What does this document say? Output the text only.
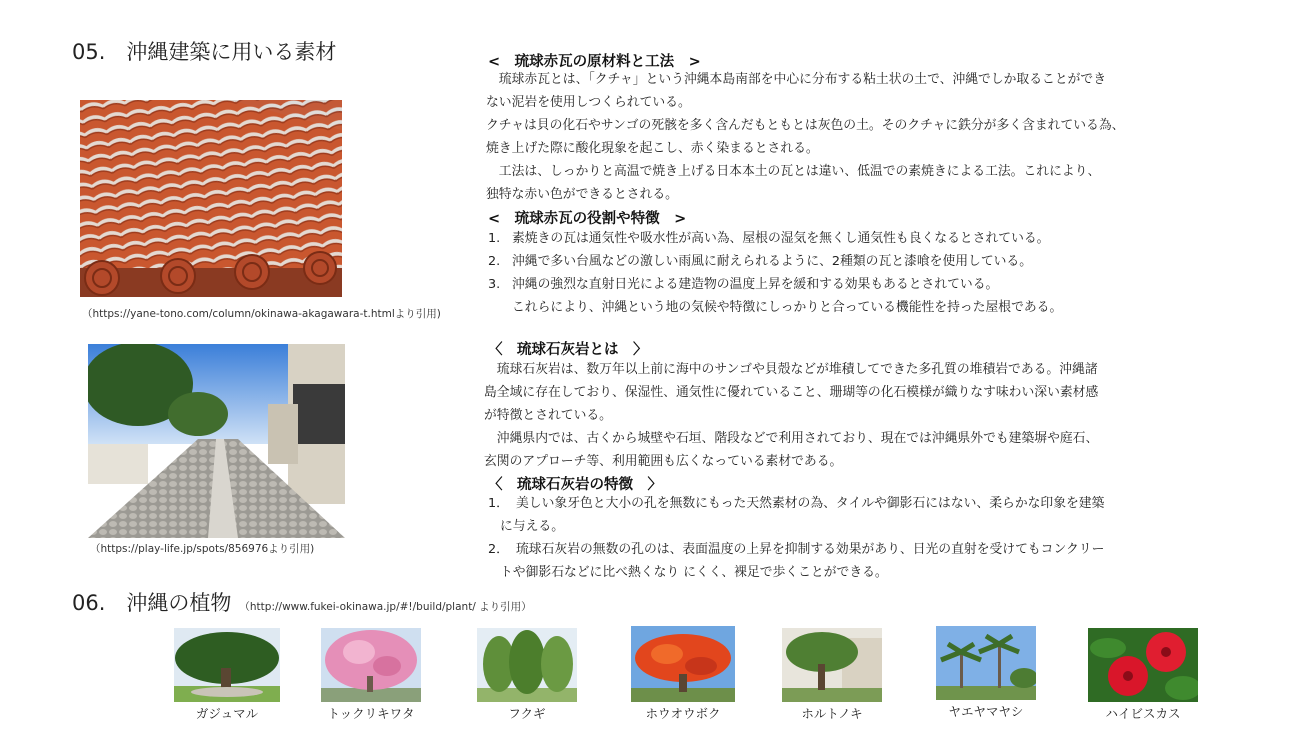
05.　沖縄建築に用いる素材
（https://yane-tono.com/column/okinawa-akagawara-t.htmlより引用)
（https://play-life.jp/spots/856976より引用)
<　琉球赤瓦の原材料と工法　>
　琉球赤瓦とは、「クチャ」という沖縄本島南部を中心に分布する粘土状の土で、沖縄でしか取ることができ
ない泥岩を使用しつくられている。
クチャは貝の化石やサンゴの死骸を多く含んだもともとは灰色の土。そのクチャに鉄分が多く含まれている為、
焼き上げた際に酸化現象を起こし、赤く染まるとされる。
　工法は、しっかりと高温で焼き上げる日本本土の瓦とは違い、低温での素焼きによる工法。これにより、
独特な赤い色ができるとされる。
<　琉球赤瓦の役割や特徴　>
1. 素焼きの瓦は通気性や吸水性が高い為、屋根の湿気を無くし通気性も良くなるとされている。
2. 沖縄で多い台風などの激しい雨風に耐えられるように、2種類の瓦と漆喰を使用している。
3. 沖縄の強烈な直射日光による建造物の温度上昇を緩和する効果もあるとされている。
これらにより、沖縄という地の気候や特徴にしっかりと合っている機能性を持った屋根である。
〈　琉球石灰岩とは　〉
　琉球石灰岩は、数万年以上前に海中のサンゴや貝殻などが堆積してできた多孔質の堆積岩である。沖縄諸
島全域に存在しており、保湿性、通気性に優れていること、珊瑚等の化石模様が織りなす味わい深い素材感
が特徴とされている。
　沖縄県内では、古くから城壁や石垣、階段などで利用されており、現在では沖縄県外でも建築塀や庭石、
玄関のアプローチ等、利用範囲も広くなっている素材である。
〈　琉球石灰岩の特徴　〉
1． 美しい象牙色と大小の孔を無数にもった天然素材の為、タイルや御影石にはない、柔らかな印象を建築
に与える。
2． 琉球石灰岩の無数の孔のは、表面温度の上昇を抑制する効果があり、日光の直射を受けてもコンクリー
トや御影石などに比べ熱くなり にくく、裸足で歩くことができる。
06.　沖縄の植物 （http://www.fukei-okinawa.jp/#!/build/plant/ より引用）
ガジュマル	トックリキワタ	フクギ	ホウオウボク	ホルトノキ	ヤエヤマヤシ	ハイビスカス
